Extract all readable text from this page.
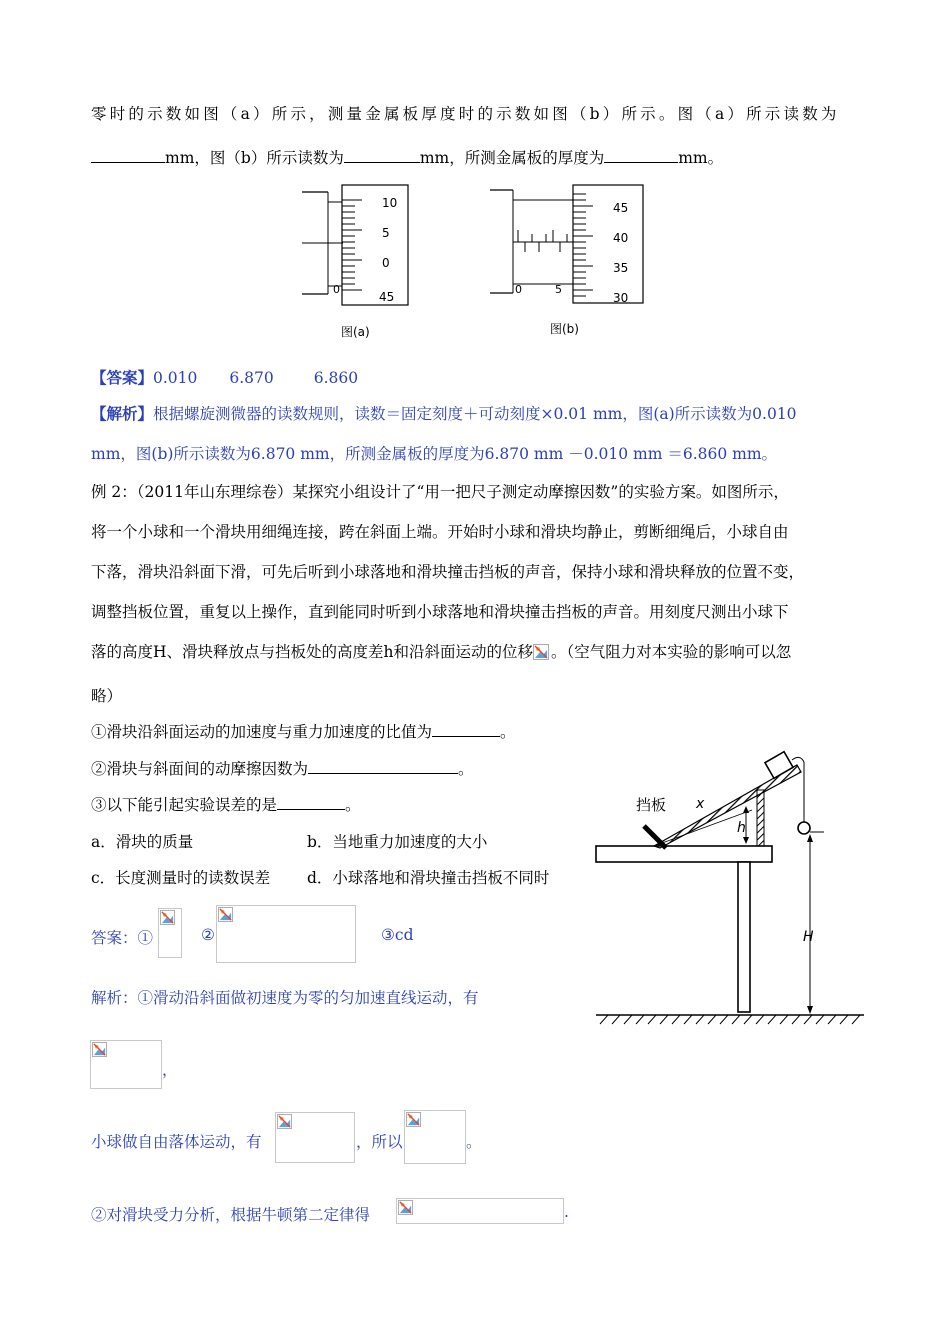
零时的示数如图（a）所示，测量金属板厚度时的示数如图（b）所示。图（a）所示读数为
mm，图（b）所示读数为	mm，所测金属板的厚度为	mm。
10
5
0
45
0
图(a)
45
40
35
30
0	5
图(b)
【答案】0.010 6.870	6.860
【解析】根据螺旋测微器的读数规则，读数＝固定刻度＋可动刻度×0.01 mm，图(a)所示读数为0.010
mm，图(b)所示读数为6.870 mm，所测金属板的厚度为6.870 mm －0.010 mm ＝6.860 mm。
例 2：（2011年山东理综卷）某探究小组设计了“用一把尺子测定动摩擦因数”的实验方案。如图所示，
将一个小球和一个滑块用细绳连接，跨在斜面上端。开始时小球和滑块均静止，剪断细绳后，小球自由
下落，滑块沿斜面下滑，可先后听到小球落地和滑块撞击挡板的声音，保持小球和滑块释放的位置不变，
调整挡板位置，重复以上操作，直到能同时听到小球落地和滑块撞击挡板的声音。用刻度尺测出小球下
落的高度H、滑块释放点与挡板处的高度差h和沿斜面运动的位移 。（空气阻力对本实验的影响可以忽
略）
①滑块沿斜面运动的加速度与重力加速度的比值为	。
②滑块与斜面间的动摩擦因数为	。
③以下能引起实验误差的是	。
a．滑块的质量	b．当地重力加速度的大小
c．长度测量时的读数误差 d．小球落地和滑块撞击挡板不同时
挡板 x
h
H
答案：①	②	③cd
解析：①滑动沿斜面做初速度为零的匀加速直线运动，有
，
小球做自由落体运动，有	，所以	。
②对滑块受力分析，根据牛顿第二定律得	.
